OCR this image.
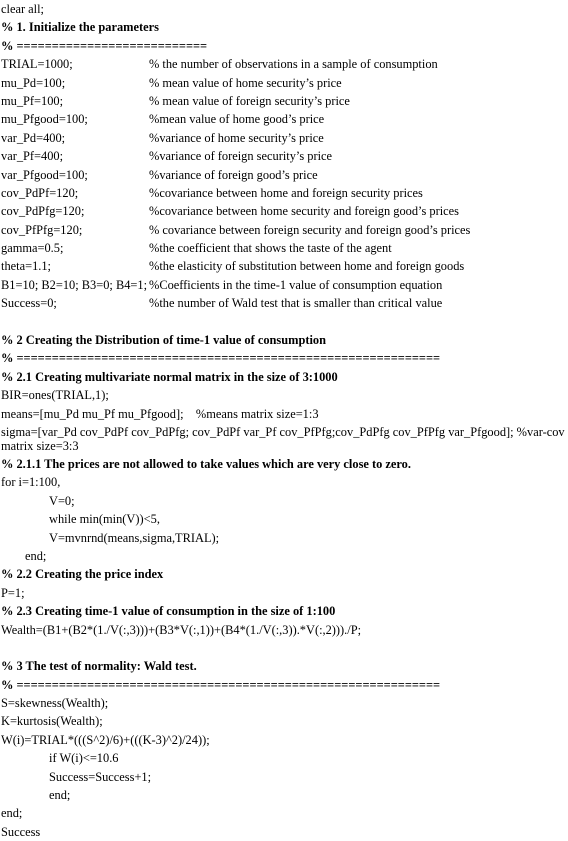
clear all;
% 1. Initialize the parameters
% ===========================
TRIAL=1000;	% the number of observations in a sample of consumption
mu_Pd=100;	% mean value of home security’s price
mu_Pf=100;	% mean value of foreign security’s price
mu_Pfgood=100;	%mean value of home good’s price
var_Pd=400;	%variance of home security’s price
var_Pf=400;	%variance of foreign security’s price
var_Pfgood=100;	%variance of foreign good’s price
cov_PdPf=120;	%covariance between home and foreign security prices
cov_PdPfg=120;	%covariance between home security and foreign good’s prices
cov_PfPfg=120;	% covariance between foreign security and foreign good’s prices
gamma=0.5;	%the coefficient that shows the taste of the agent
theta=1.1;	%the elasticity of substitution between home and foreign goods
B1=10; B2=10; B3=0; B4=1; %Coefficients in the time-1 value of consumption equation
Success=0;	%the number of Wald test that is smaller than critical value
% 2 Creating the Distribution of time-1 value of consumption
% ============================================================
% 2.1 Creating multivariate normal matrix in the size of 3:1000
BIR=ones(TRIAL,1);
means=[mu_Pd mu_Pf mu_Pfgood];    %means matrix size=1:3
sigma=[var_Pd cov_PdPf cov_PdPfg; cov_PdPf var_Pf cov_PfPfg;cov_PdPfg cov_PfPfg var_Pfgood]; %var-cov matrix size=3:3
% 2.1.1 The prices are not allowed to take values which are very close to zero.
for i=1:100,
V=0;
while min(min(V))<5,
V=mvnrnd(means,sigma,TRIAL);
end;
% 2.2 Creating the price index
P=1;
% 2.3 Creating time-1 value of consumption in the size of 1:100
Wealth=(B1+(B2*(1./V(:,3)))+(B3*V(:,1))+(B4*(1./V(:,3)).*V(:,2)))./P;
% 3 The test of normality: Wald test.
% ============================================================
S=skewness(Wealth);
K=kurtosis(Wealth);
W(i)=TRIAL*(((S^2)/6)+(((K-3)^2)/24));
if W(i)<=10.6
Success=Success+1;
end;
end;
Success
